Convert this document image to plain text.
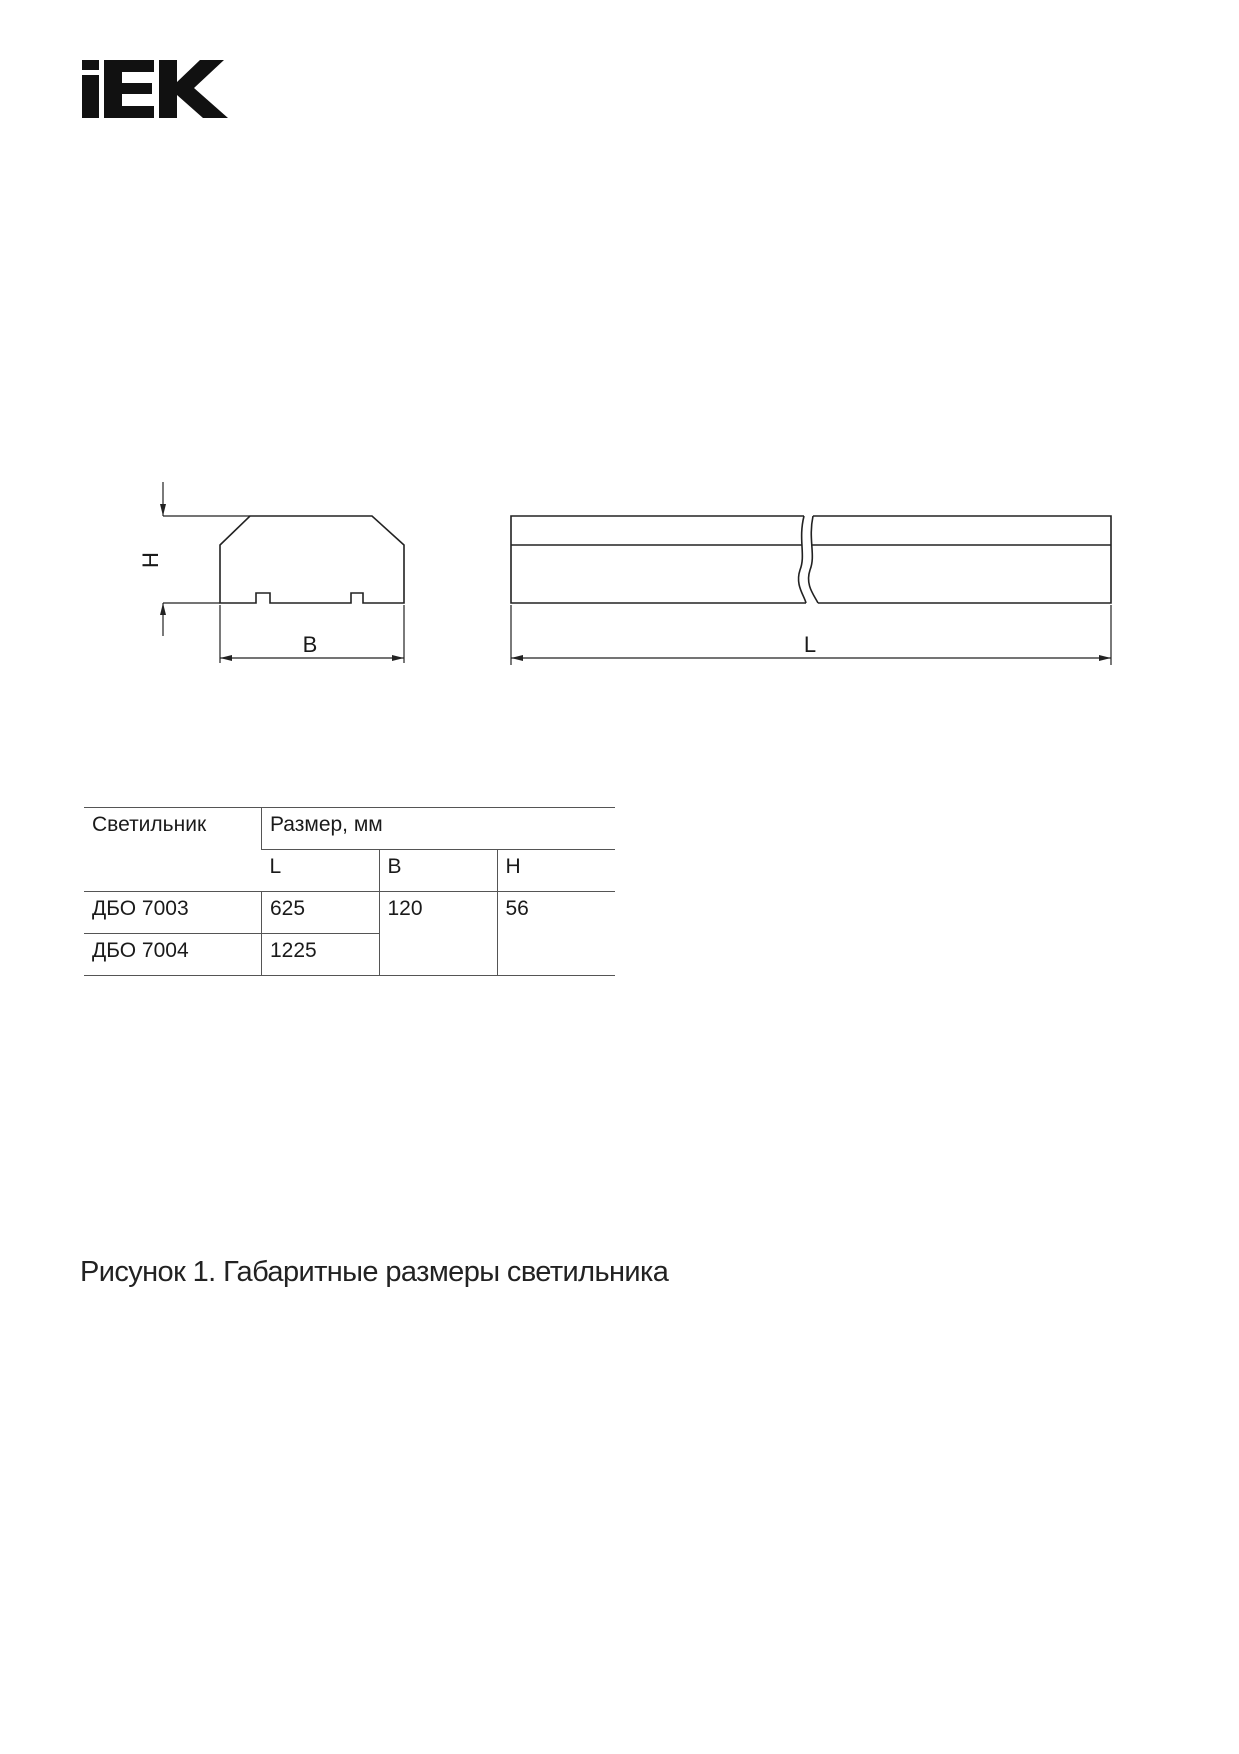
H
B	L
Светильник	Размер, мм		
	L	B	H
ДБО 7003	625	120	56
ДБО 7004	1225		
Рисунок 1. Габаритные размеры светильника
